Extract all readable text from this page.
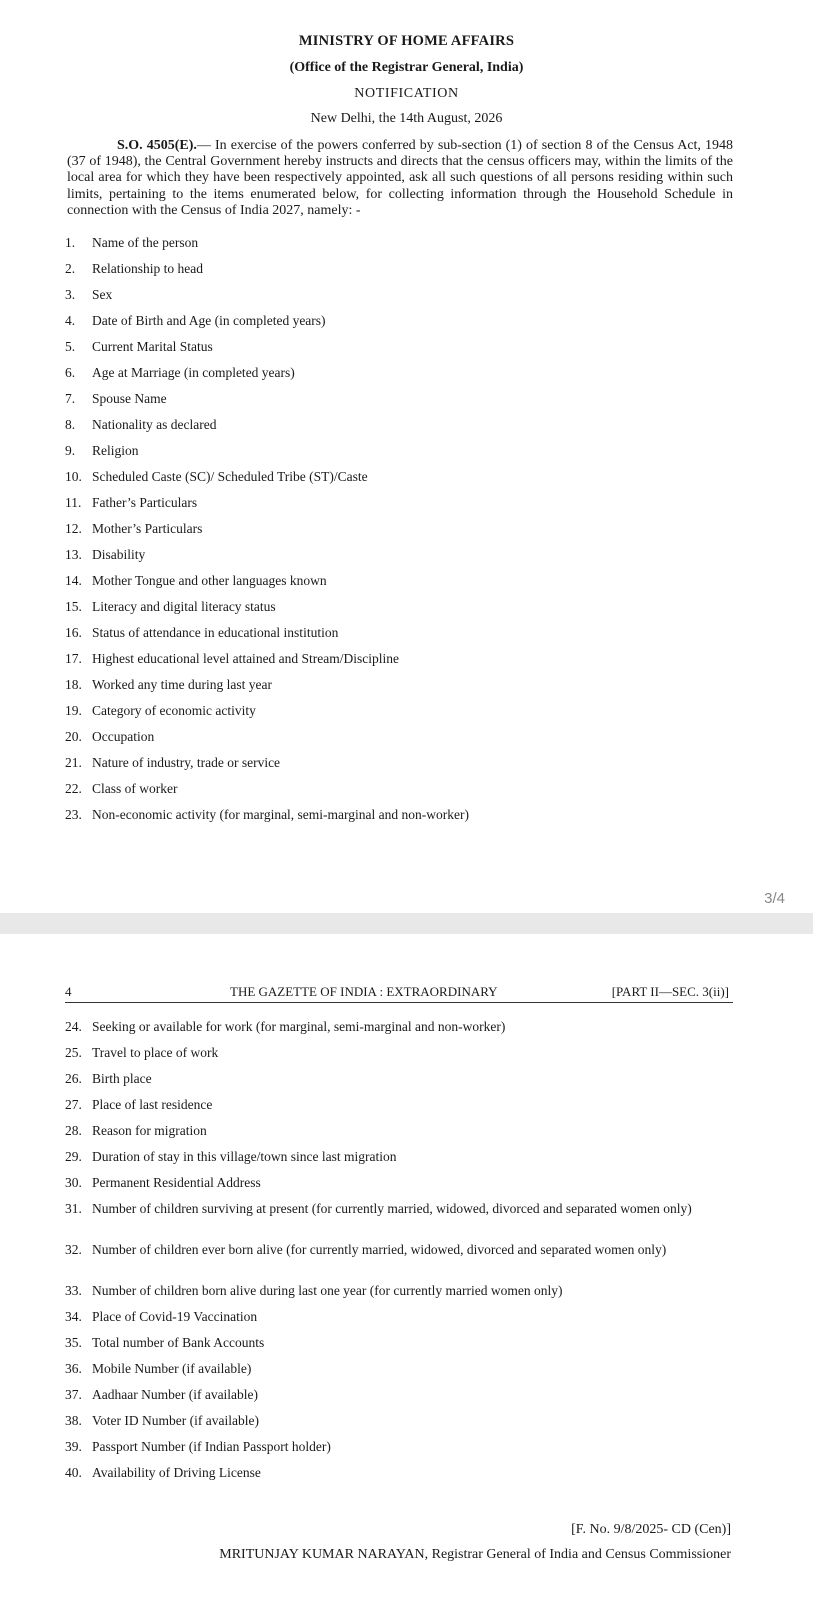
MINISTRY OF HOME AFFAIRS
(Office of the Registrar General, India)
NOTIFICATION
New Delhi, the 14th August, 2026
S.O. 4505(E).— In exercise of the powers conferred by sub-section (1) of section 8 of the Census Act, 1948 (37 of 1948), the Central Government hereby instructs and directs that the census officers may, within the limits of the local area for which they have been respectively appointed, ask all such questions of all persons residing within such limits, pertaining to the items enumerated below, for collecting information through the Household Schedule in connection with the Census of India 2027, namely: -
1. Name of the person
2. Relationship to head
3. Sex
4. Date of Birth and Age (in completed years)
5. Current Marital Status
6. Age at Marriage (in completed years)
7. Spouse Name
8. Nationality as declared
9. Religion
10. Scheduled Caste (SC)/ Scheduled Tribe (ST)/Caste
11. Father’s Particulars
12. Mother’s Particulars
13. Disability
14. Mother Tongue and other languages known
15. Literacy and digital literacy status
16. Status of attendance in educational institution
17. Highest educational level attained and Stream/Discipline
18. Worked any time during last year
19. Category of economic activity
20. Occupation
21. Nature of industry, trade or service
22. Class of worker
23. Non-economic activity (for marginal, semi-marginal and non-worker)
3/4
4	THE GAZETTE OF INDIA : EXTRAORDINARY	[PART II—SEC. 3(ii)]
24. Seeking or available for work (for marginal, semi-marginal and non-worker)
25. Travel to place of work
26. Birth place
27. Place of last residence
28. Reason for migration
29. Duration of stay in this village/town since last migration
30. Permanent Residential Address
31. Number of children surviving at present (for currently married, widowed, divorced and separated women only)
32. Number of children ever born alive (for currently married, widowed, divorced and separated women only)
33. Number of children born alive during last one year (for currently married women only)
34. Place of Covid-19 Vaccination
35. Total number of Bank Accounts
36. Mobile Number (if available)
37. Aadhaar Number (if available)
38. Voter ID Number (if available)
39. Passport Number (if Indian Passport holder)
40. Availability of Driving License
[F. No. 9/8/2025- CD (Cen)]
MRITUNJAY KUMAR NARAYAN, Registrar General of India and Census Commissioner
